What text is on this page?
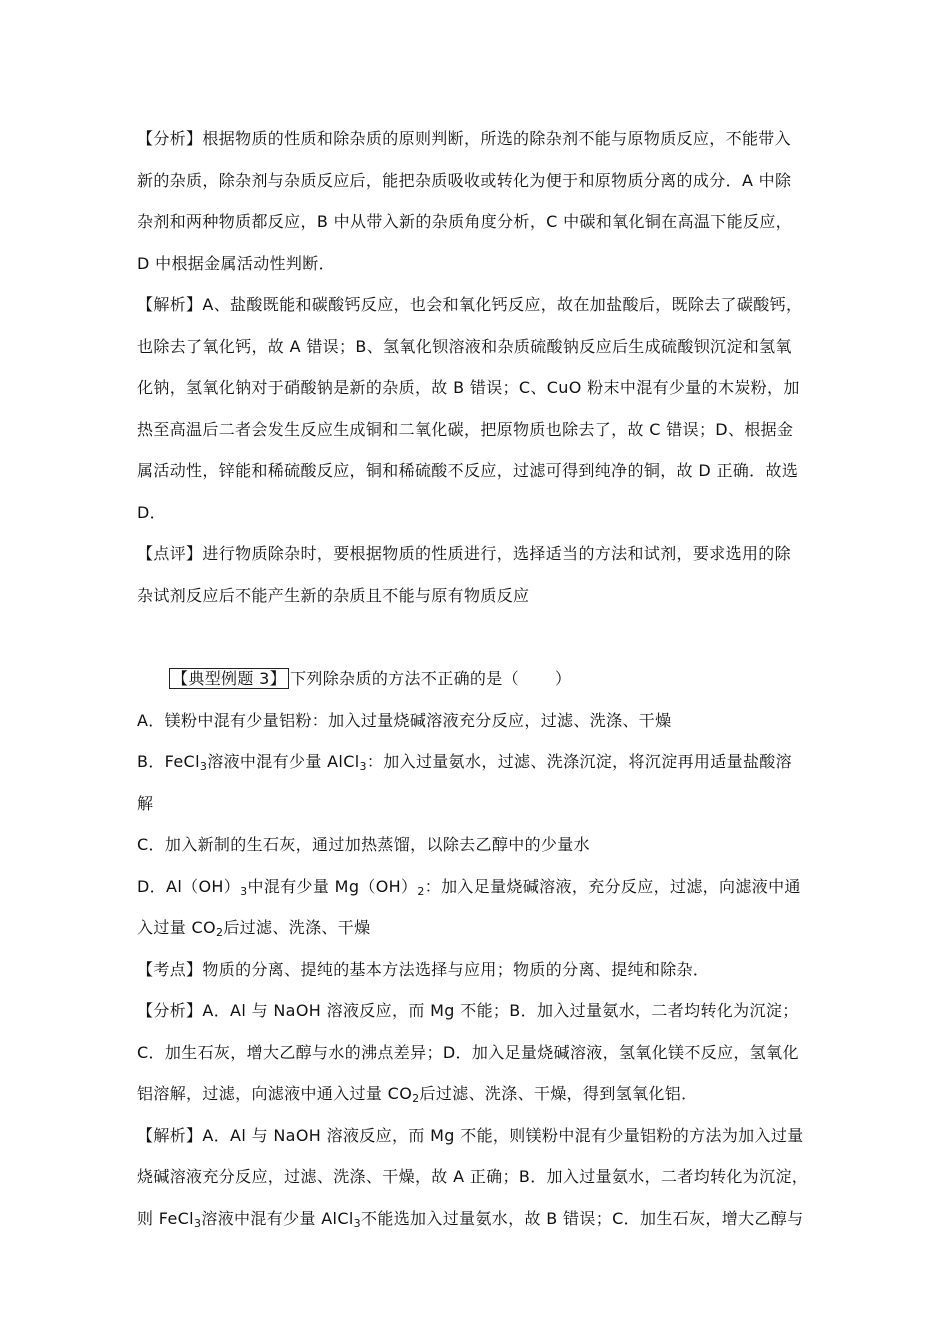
【分析】根据物质的性质和除杂质的原则判断，所选的除杂剂不能与原物质反应，不能带入

新的杂质，除杂剂与杂质反应后，能把杂质吸收或转化为便于和原物质分离的成分．A 中除

杂剂和两种物质都反应，B 中从带入新的杂质角度分析，C 中碳和氧化铜在高温下能反应，

D 中根据金属活动性判断．

【解析】A、盐酸既能和碳酸钙反应，也会和氧化钙反应，故在加盐酸后，既除去了碳酸钙，

也除去了氧化钙，故 A 错误；B、氢氧化钡溶液和杂质硫酸钠反应后生成硫酸钡沉淀和氢氧

化钠，氢氧化钠对于硝酸钠是新的杂质，故 B 错误；C、CuO 粉末中混有少量的木炭粉，加

热至高温后二者会发生反应生成铜和二氧化碳，把原物质也除去了，故 C 错误；D、根据金

属活动性，锌能和稀硫酸反应，铜和稀硫酸不反应，过滤可得到纯净的铜，故 D 正确．故选

D．

【点评】进行物质除杂时，要根据物质的性质进行，选择适当的方法和试剂，要求选用的除

杂试剂反应后不能产生新的杂质且不能与原有物质反应

【典型例题 3】 下列除杂质的方法不正确的是（ ）

A．镁粉中混有少量铝粉：加入过量烧碱溶液充分反应，过滤、洗涤、干燥

B．FeCl$_3$溶液中混有少量 AlCl$_3$：加入过量氨水，过滤、洗涤沉淀，将沉淀再用适量盐酸溶

解

C．加入新制的生石灰，通过加热蒸馏，以除去乙醇中的少量水

D．$Al(OH)_3$中混有少量 $Mg(OH)_2$：加入足量烧碱溶液，充分反应，过滤，向滤液中通

入过量 $CO_2$后过滤、洗涤、干燥

【考点】物质的分离、提纯的基本方法选择与应用；物质的分离、提纯和除杂．

【分析】A．Al 与 NaOH 溶液反应，而 Mg 不能；B．加入过量氨水，二者均转化为沉淀；

C．加生石灰，增大乙醇与水的沸点差异；D．加入足量烧碱溶液，氢氧化镁不反应，氢氧化

铝溶解，过滤，向滤液中通入过量 $CO_2$后过滤、洗涤、干燥，得到氢氧化铝．

【解析】A．Al 与 NaOH 溶液反应，而 Mg 不能，则镁粉中混有少量铝粉的方法为加入过量

烧碱溶液充分反应，过滤、洗涤、干燥，故 A 正确；B．加入过量氨水，二者均转化为沉淀，

则 FeCl$_3$溶液中混有少量 AlCl$_3$不能选加入过量氨水，故 B 错误；C．加生石灰，增大乙醇与
